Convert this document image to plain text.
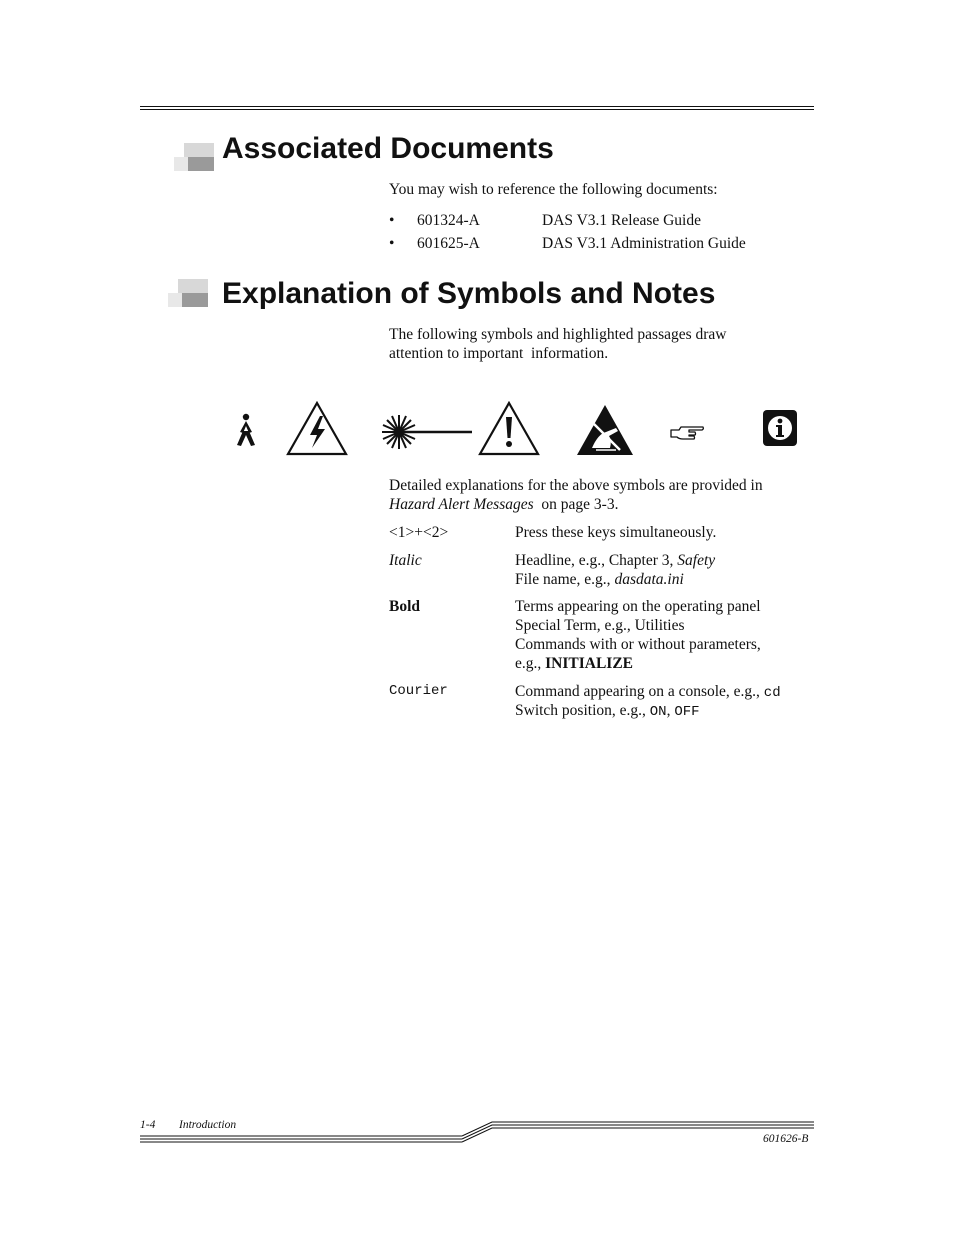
Associated Documents
You may wish to reference the following documents:
• 601324-A	DAS V3.1 Release Guide
• 601625-A	DAS V3.1 Administration Guide
Explanation of Symbols and Notes
The following symbols and highlighted passages draw
attention to important  information.
Detailed explanations for the above symbols are provided in
Hazard Alert Messages  on page 3-3.
<1>+<2>	Press these keys simultaneously.
Italic	Headline, e.g., Chapter 3, Safety
File name, e.g., dasdata.ini
Bold	Terms appearing on the operating panel
Special Term, e.g., Utilities
Commands with or without parameters,
e.g., INITIALIZE
Courier	Command appearing on a console, e.g., cd
Switch position, e.g., ON, OFF
1-4 Introduction
601626-B
